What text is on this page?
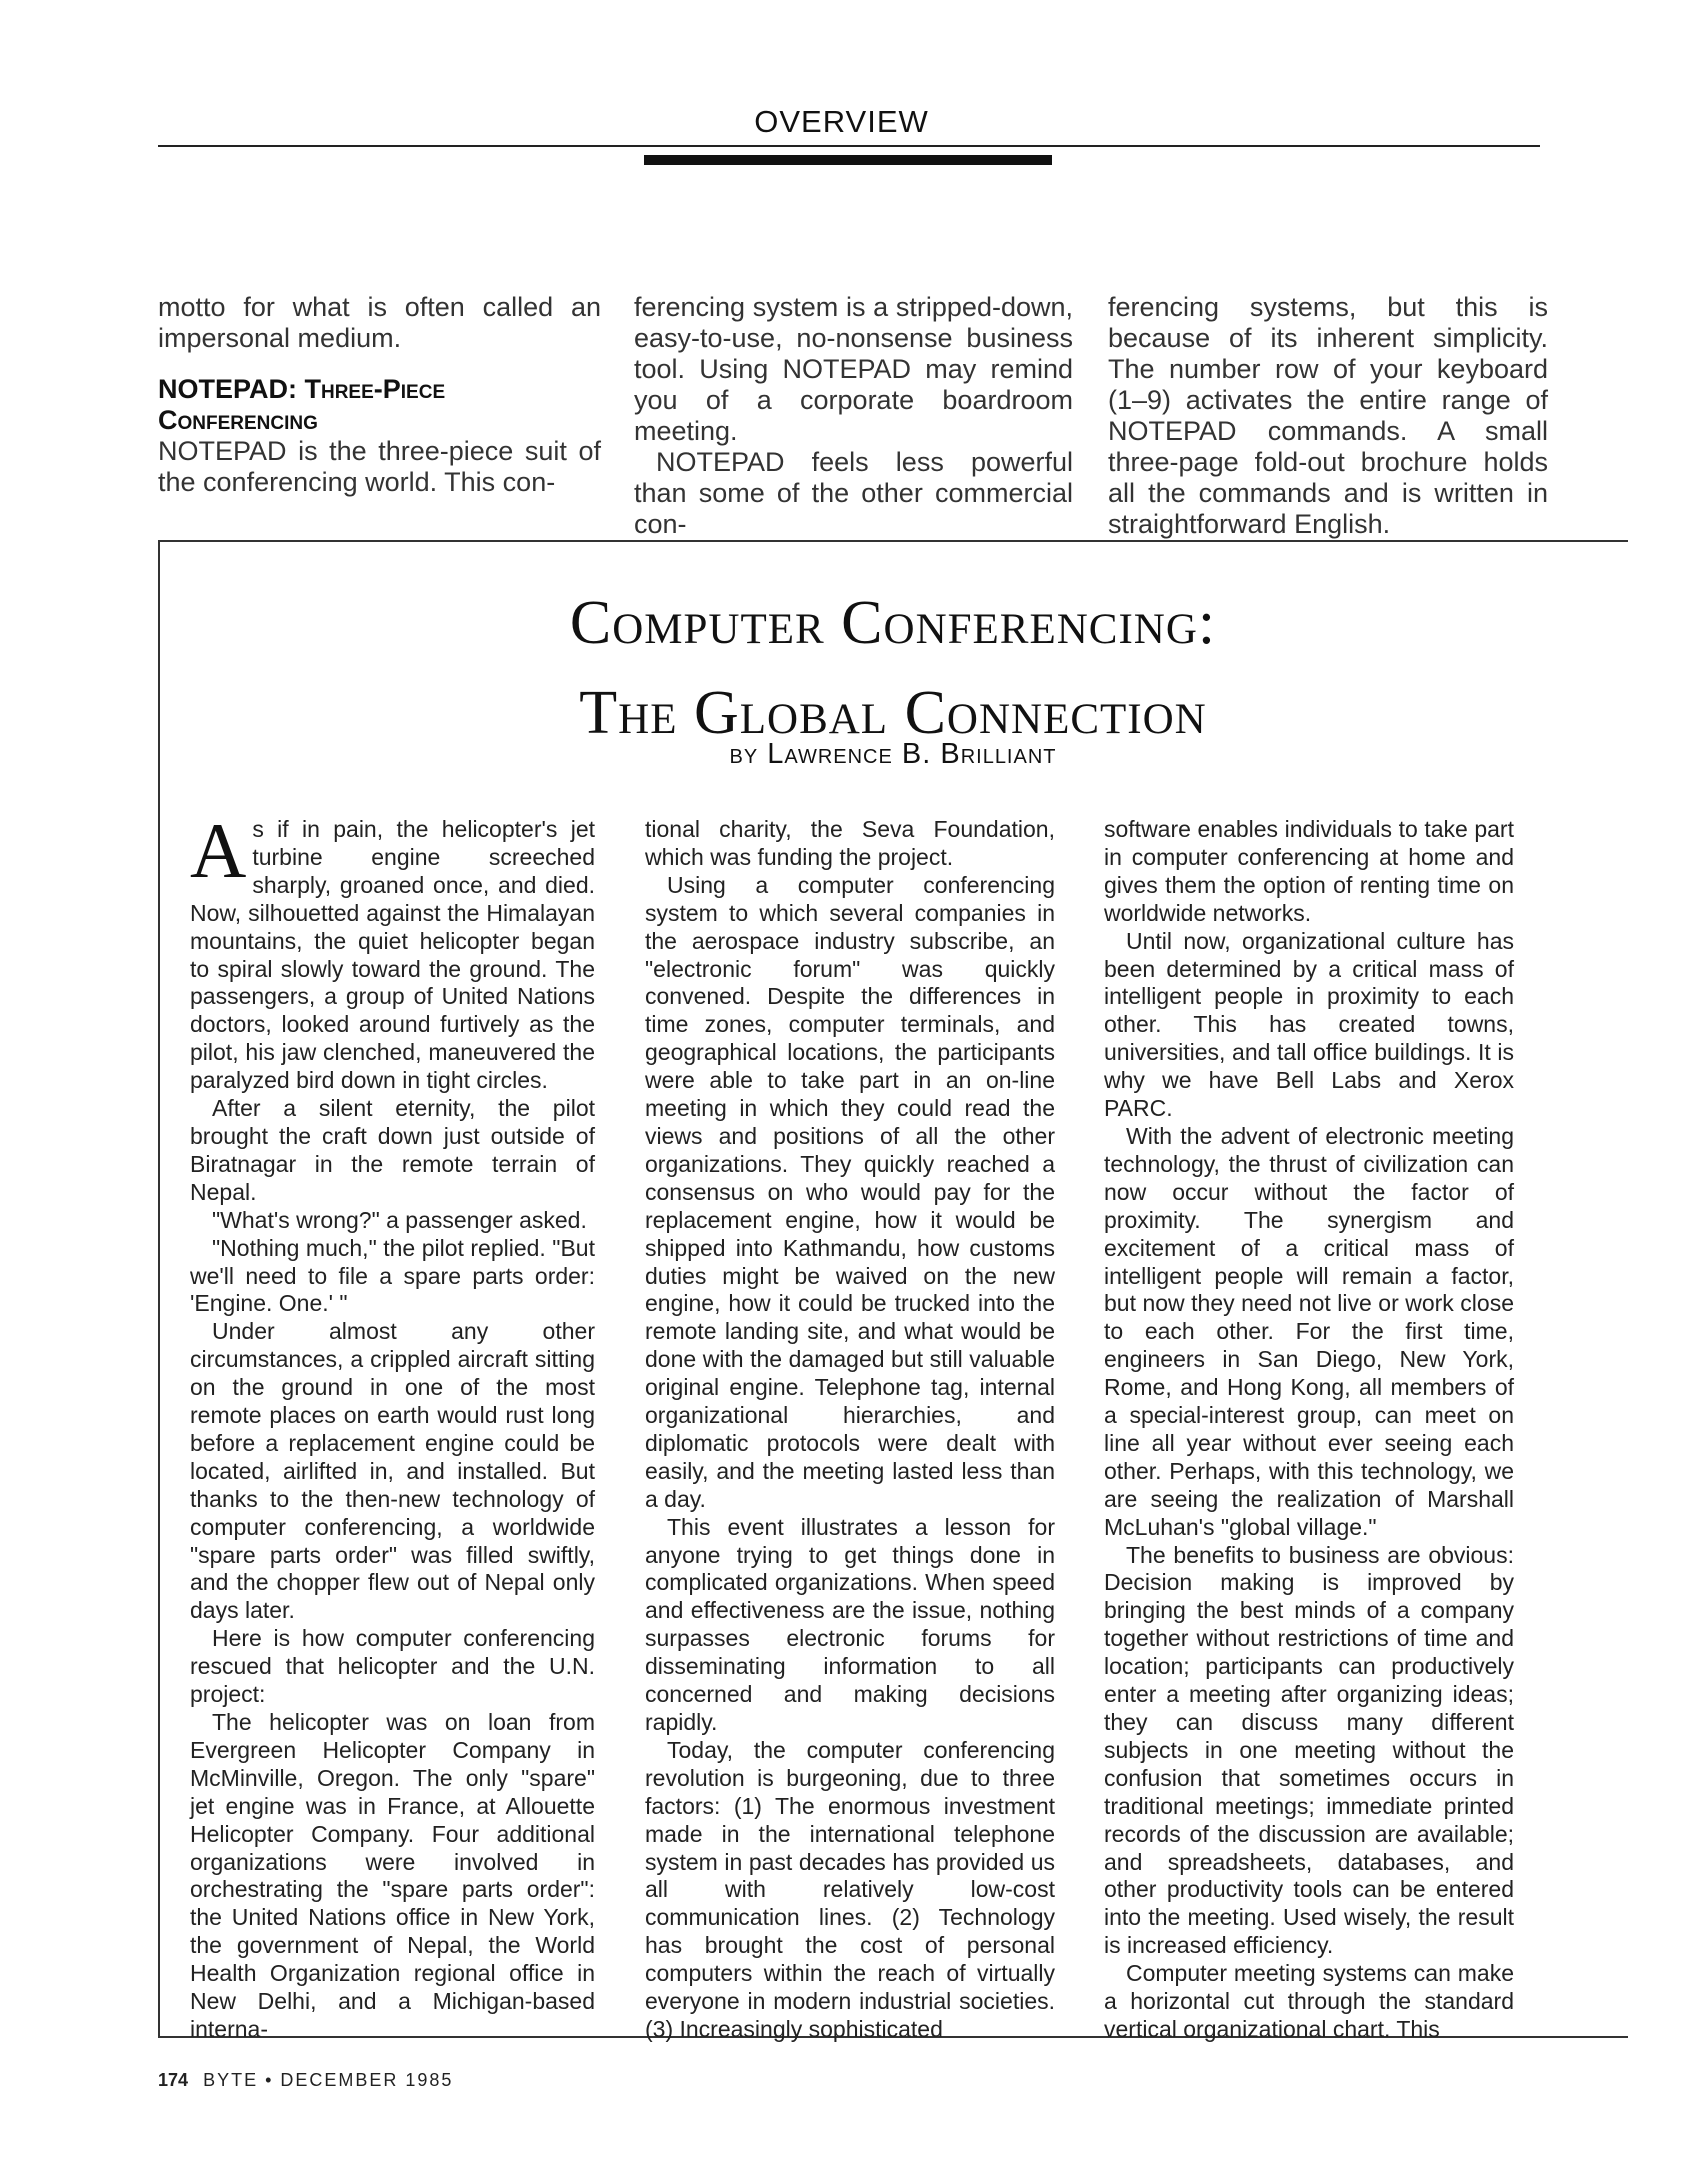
OVERVIEW

motto for what is often called an impersonal medium.

NOTEPAD: Three-Piece
Conferencing

NOTEPAD is the three-piece suit of the conferencing world. This con-

ferencing system is a stripped-down, easy-to-use, no-nonsense business tool. Using NOTEPAD may remind you of a corporate boardroom meeting.

NOTEPAD feels less powerful than some of the other commercial con-

ferencing systems, but this is because of its inherent simplicity. The number row of your keyboard (1–9) activates the entire range of NOTEPAD commands. A small three-page fold-out brochure holds all the commands and is written in straightforward English.

Computer Conferencing:
The Global Connection
by Lawrence B. Brilliant

As if in pain, the helicopter's jet turbine engine screeched sharply, groaned once, and died. Now, silhouetted against the Himalayan mountains, the quiet helicopter began to spiral slowly toward the ground. The passengers, a group of United Nations doctors, looked around furtively as the pilot, his jaw clenched, maneuvered the paralyzed bird down in tight circles.

After a silent eternity, the pilot brought the craft down just outside of Biratnagar in the remote terrain of Nepal.

"What's wrong?" a passenger asked.

"Nothing much," the pilot replied. "But we'll need to file a spare parts order: 'Engine. One.' "

Under almost any other circumstances, a crippled aircraft sitting on the ground in one of the most remote places on earth would rust long before a replacement engine could be located, airlifted in, and installed. But thanks to the then-new technology of computer conferencing, a worldwide "spare parts order" was filled swiftly, and the chopper flew out of Nepal only days later.

Here is how computer conferencing rescued that helicopter and the U.N. project:

The helicopter was on loan from Evergreen Helicopter Company in McMinville, Oregon. The only "spare" jet engine was in France, at Allouette Helicopter Company. Four additional organizations were involved in orchestrating the "spare parts order": the United Nations office in New York, the government of Nepal, the World Health Organization regional office in New Delhi, and a Michigan-based interna-

tional charity, the Seva Foundation, which was funding the project.

Using a computer conferencing system to which several companies in the aerospace industry subscribe, an "electronic forum" was quickly convened. Despite the differences in time zones, computer terminals, and geographical locations, the participants were able to take part in an on-line meeting in which they could read the views and positions of all the other organizations. They quickly reached a consensus on who would pay for the replacement engine, how it would be shipped into Kathmandu, how customs duties might be waived on the new engine, how it could be trucked into the remote landing site, and what would be done with the damaged but still valuable original engine. Telephone tag, internal organizational hierarchies, and diplomatic protocols were dealt with easily, and the meeting lasted less than a day.

This event illustrates a lesson for anyone trying to get things done in complicated organizations. When speed and effectiveness are the issue, nothing surpasses electronic forums for disseminating information to all concerned and making decisions rapidly.

Today, the computer conferencing revolution is burgeoning, due to three factors: (1) The enormous investment made in the international telephone system in past decades has provided us all with relatively low-cost communication lines. (2) Technology has brought the cost of personal computers within the reach of virtually everyone in modern industrial societies. (3) Increasingly sophisticated

software enables individuals to take part in computer conferencing at home and gives them the option of renting time on worldwide networks.

Until now, organizational culture has been determined by a critical mass of intelligent people in proximity to each other. This has created towns, universities, and tall office buildings. It is why we have Bell Labs and Xerox PARC.

With the advent of electronic meeting technology, the thrust of civilization can now occur without the factor of proximity. The synergism and excitement of a critical mass of intelligent people will remain a factor, but now they need not live or work close to each other. For the first time, engineers in San Diego, New York, Rome, and Hong Kong, all members of a special-interest group, can meet on line all year without ever seeing each other. Perhaps, with this technology, we are seeing the realization of Marshall McLuhan's "global village."

The benefits to business are obvious: Decision making is improved by bringing the best minds of a company together without restrictions of time and location; participants can productively enter a meeting after organizing ideas; they can discuss many different subjects in one meeting without the confusion that sometimes occurs in traditional meetings; immediate printed records of the discussion are available; and spreadsheets, databases, and other productivity tools can be entered into the meeting. Used wisely, the result is increased efficiency.

Computer meeting systems can make a horizontal cut through the standard vertical organizational chart. This

174 BYTE • DECEMBER 1985
